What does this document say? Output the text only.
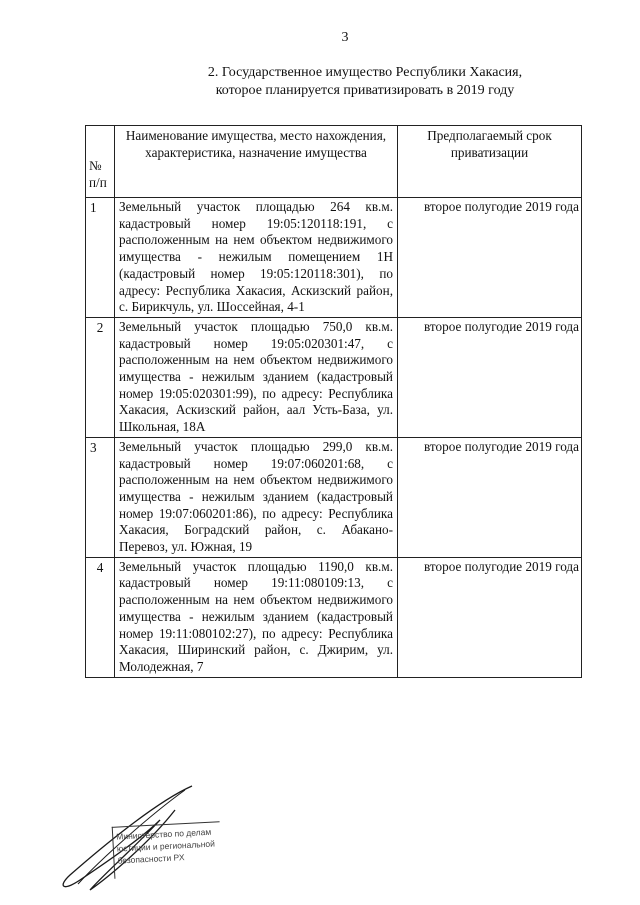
3
2. Государственное имущество Республики Хакасия,
которое планируется приватизировать в 2019 году
№ п/п	Наименование имущества, место нахождения, характеристика, назначение имущества	Предполагаемый срок приватизации
1	Земельный участок площадью 264 кв.м. кадастровый номер 19:05:120118:191, с расположенным на нем объектом недвижимого имущества - нежилым помещением 1Н (кадастровый номер 19:05:120118:301), по адресу: Республика Хакасия, Аскизский район, с. Бирикчуль, ул. Шоссейная, 4-1	второе полугодие 2019 года
2	Земельный участок площадью 750,0 кв.м. кадастровый номер 19:05:020301:47, с расположенным на нем объектом недвижимого имущества - нежилым зданием (кадастровый номер 19:05:020301:99), по адресу: Республика Хакасия, Аскизский район, аал Усть-База, ул. Школьная, 18А	второе полугодие 2019 года
3	Земельный участок площадью 299,0 кв.м. кадастровый номер 19:07:060201:68, с расположенным на нем объектом недвижимого имущества - нежилым зданием (кадастровый номер 19:07:060201:86), по адресу: Республика Хакасия, Боградский район, с. Абакано-Перевоз, ул. Южная, 19	второе полугодие 2019 года
4	Земельный участок площадью 1190,0 кв.м. кадастровый номер 19:11:080109:13, с расположенным на нем объектом недвижимого имущества - нежилым зданием (кадастровый номер 19:11:080102:27), по адресу: Республика Хакасия, Ширинский район, с. Джирим, ул. Молодежная, 7	второе полугодие 2019 года
Министерство по делам
юстиции и региональной
безопасности РХ
